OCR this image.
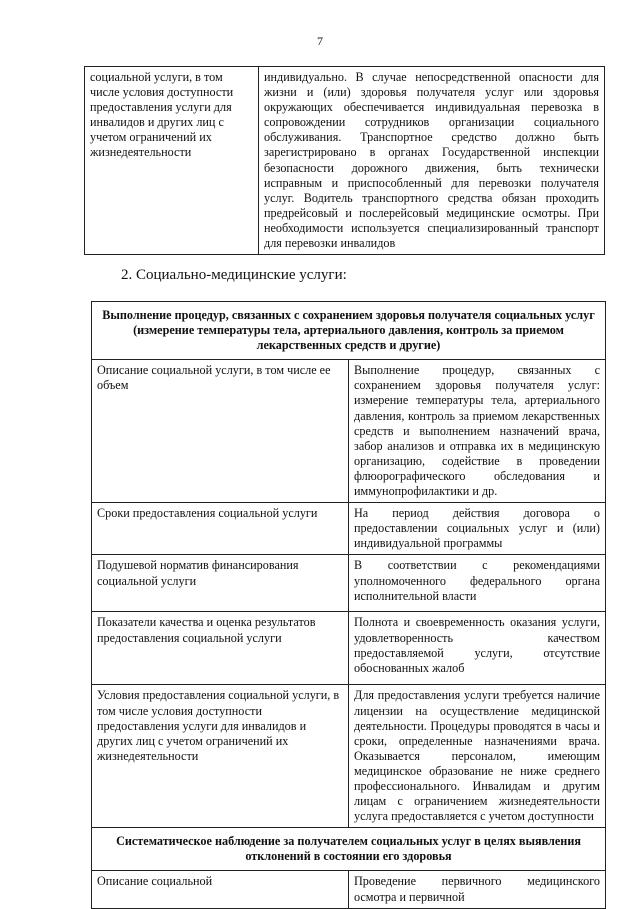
7
социальной услуги, в том числе условия доступности предоставления услуги для инвалидов и других лиц с учетом ограничений их жизнедеятельности	индивидуально. В случае непосредственной опасности для жизни и (или) здоровья получателя услуг или здоровья окружающих обеспечивается индивидуальная перевозка в сопровождении сотрудников организации социального обслуживания. Транспортное средство должно быть зарегистрировано в органах Государственной инспекции безопасности дорожного движения, быть технически исправным и приспособленный для перевозки получателя услуг. Водитель транспортного средства обязан проходить предрейсовый и послерейсовый медицинские осмотры. При необходимости используется специализированный транспорт для перевозки инвалидов
2. Социально-медицинские услуги:
Выполнение процедур, связанных с сохранением здоровья получателя социальных услуг (измерение температуры тела, артериального давления, контроль за приемом лекарственных средств и другие)	
Описание социальной услуги, в том числе ее объем	Выполнение процедур, связанных с сохранением здоровья получателя услуг: измерение температуры тела, артериального давления, контроль за приемом лекарственных средств и выполнением назначений врача, забор анализов и отправка их в медицинскую организацию, содействие в проведении флюорографического обследования и иммунопрофилактики и др.
Сроки предоставления социальной услуги	На период действия договора о предоставлении социальных услуг и (или) индивидуальной программы
Подушевой норматив финансирования социальной услуги	В соответствии с рекомендациями уполномоченного федерального органа исполнительной власти
Показатели качества и оценка результатов предоставления социальной услуги	Полнота и своевременность оказания услуги, удовлетворенность качеством предоставляемой услуги, отсутствие обоснованных жалоб
Условия предоставления социальной услуги, в том числе условия доступности предоставления услуги для инвалидов и других лиц с учетом ограничений их жизнедеятельности	Для предоставления услуги требуется наличие лицензии на осуществление медицинской деятельности. Процедуры проводятся в часы и сроки, определенные назначениями врача. Оказывается персоналом, имеющим медицинское образование не ниже среднего профессионального. Инвалидам и другим лицам с ограничением жизнедеятельности услуга предоставляется с учетом доступности
Систематическое наблюдение за получателем социальных услуг в целях выявления отклонений в состоянии его здоровья	
Описание социальной	Проведение первичного медицинского осмотра и первичной
